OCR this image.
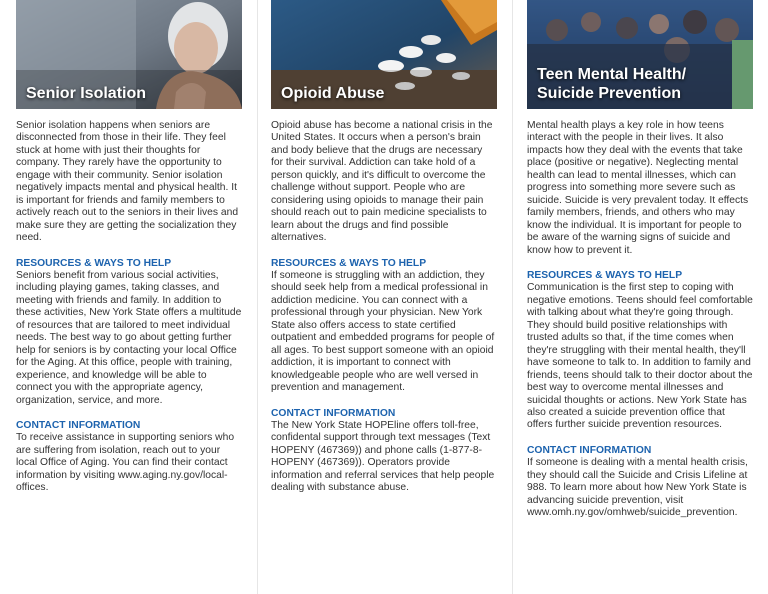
Senior Isolation

Senior isolation happens when seniors are disconnected from those in their life. They feel stuck at home with just their thoughts for company. They rarely have the opportunity to engage with their community. Senior isolation negatively impacts mental and physical health. It is important for friends and family members to actively reach out to the seniors in their lives and make sure they are getting the socialization they need.

RESOURCES & WAYS TO HELP

Seniors benefit from various social activities, including playing games, taking classes, and meeting with friends and family. In addition to these activities, New York State offers a multitude of resources that are tailored to meet individual needs. The best way to go about getting further help for seniors is by contacting your local Office for the Aging. At this office, people with training, experience, and knowledge will be able to connect you with the appropriate agency, organization, service, and more.

CONTACT INFORMATION

To receive assistance in supporting seniors who are suffering from isolation, reach out to your local Office of Aging. You can find their contact information by visiting www.aging.ny.gov/local-offices.

Opioid Abuse

Opioid abuse has become a national crisis in the United States. It occurs when a person's brain and body believe that the drugs are necessary for their survival. Addiction can take hold of a person quickly, and it's difficult to overcome the challenge without support. People who are considering using opioids to manage their pain should reach out to pain medicine specialists to learn about the drugs and find possible alternatives.

RESOURCES & WAYS TO HELP

If someone is struggling with an addiction, they should seek help from a medical professional in addiction medicine. You can connect with a professional through your physician. New York State also offers access to state certified outpatient and embedded programs for people of all ages. To best support someone with an opioid addiction, it is important to connect with knowledgeable people who are well versed in prevention and management.

CONTACT INFORMATION

The New York State HOPEline offers toll-free, confidental support through text messages (Text HOPENY (467369)) and phone calls (1-877-8-HOPENY (467369)). Operators provide information and referral services that help people dealing with substance abuse.

Teen Mental Health/
Suicide Prevention

Mental health plays a key role in how teens interact with the people in their lives. It also impacts how they deal with the events that take place (positive or negative). Neglecting mental health can lead to mental illnesses, which can progress into something more severe such as suicide. Suicide is very prevalent today. It effects family members, friends, and others who may know the individual. It is important for people to be aware of the warning signs of suicide and know how to prevent it.

RESOURCES & WAYS TO HELP

Communication is the first step to coping with negative emotions. Teens should feel comfortable with talking about what they're going through. They should build positive relationships with trusted adults so that, if the time comes when they're struggling with their mental health, they'll have someone to talk to. In addition to family and friends, teens should talk to their doctor about the best way to overcome mental illnesses and suicidal thoughts or actions. New York State has also created a suicide prevention office that offers further suicide prevention resources.

CONTACT INFORMATION

If someone is dealing with a mental health crisis, they should call the Suicide and Crisis Lifeline at 988. To learn more about how New York State is advancing suicide prevention, visit www.omh.ny.gov/omhweb/suicide_prevention.
